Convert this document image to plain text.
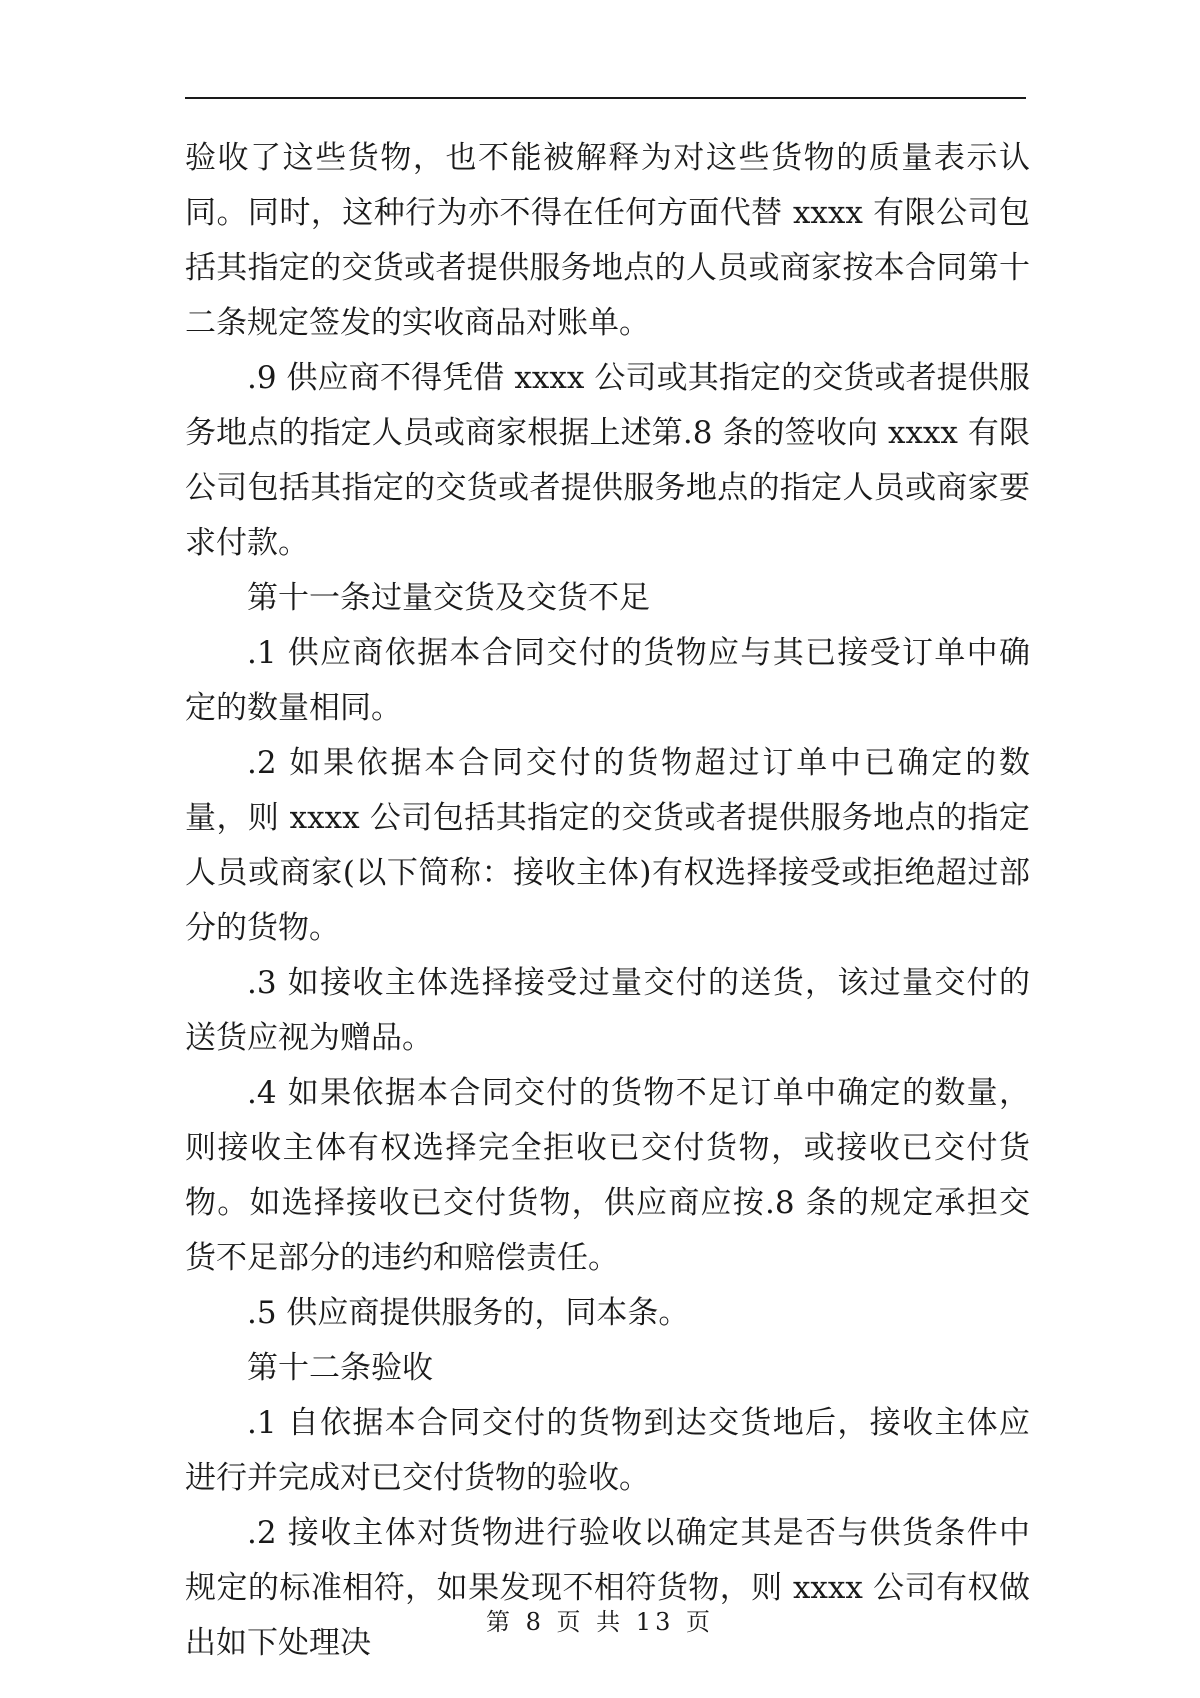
验收了这些货物，也不能被解释为对这些货物的质量表示认同。同时，这种行为亦不得在任何方面代替 xxxx 有限公司包括其指定的交货或者提供服务地点的人员或商家按本合同第十二条规定签发的实收商品对账单。

.9 供应商不得凭借 xxxx 公司或其指定的交货或者提供服务地点的指定人员或商家根据上述第.8 条的签收向 xxxx 有限公司包括其指定的交货或者提供服务地点的指定人员或商家要求付款。

第十一条过量交货及交货不足

.1 供应商依据本合同交付的货物应与其已接受订单中确定的数量相同。

.2 如果依据本合同交付的货物超过订单中已确定的数量，则 xxxx 公司包括其指定的交货或者提供服务地点的指定人员或商家(以下简称：接收主体)有权选择接受或拒绝超过部分的货物。

.3 如接收主体选择接受过量交付的送货，该过量交付的送货应视为赠品。

.4 如果依据本合同交付的货物不足订单中确定的数量，则接收主体有权选择完全拒收已交付货物，或接收已交付货物。如选择接收已交付货物，供应商应按.8 条的规定承担交货不足部分的违约和赔偿责任。

.5 供应商提供服务的，同本条。

第十二条验收

.1 自依据本合同交付的货物到达交货地后，接收主体应进行并完成对已交付货物的验收。

.2 接收主体对货物进行验收以确定其是否与供货条件中规定的标准相符，如果发现不相符货物，则 xxxx 公司有权做出如下处理决

第 8 页 共 13 页
